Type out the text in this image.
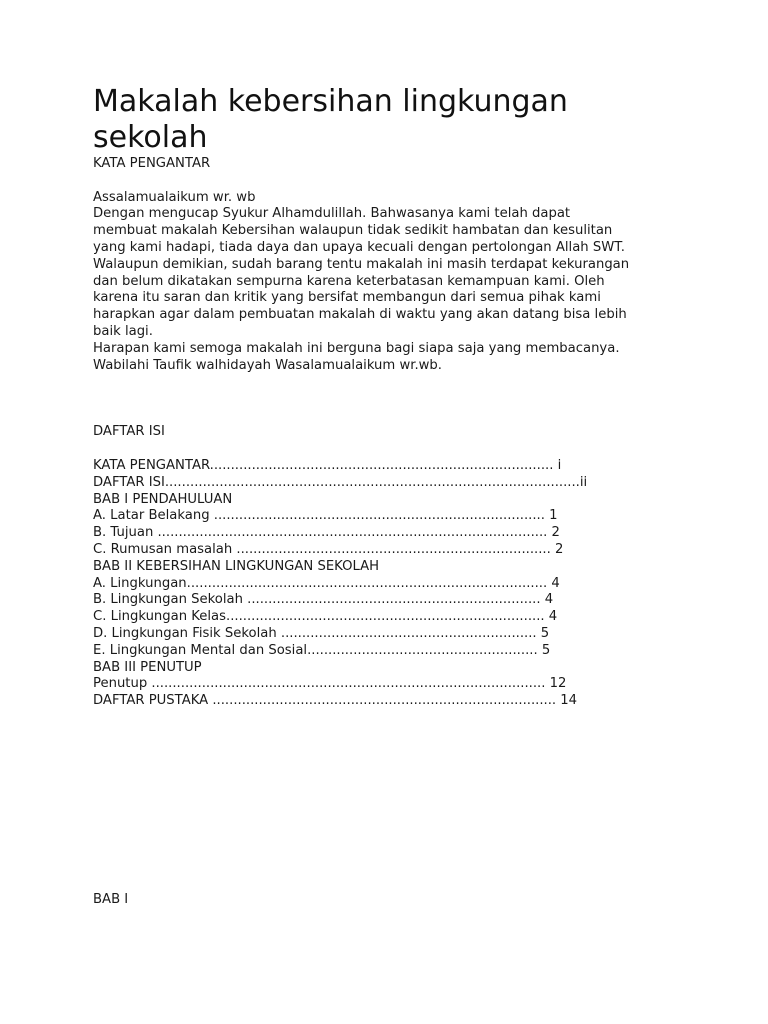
Makalah kebersihan lingkungan
sekolah

KATA PENGANTAR

Assalamualaikum wr. wb

Dengan mengucap Syukur Alhamdulillah. Bahwasanya kami telah dapat

membuat makalah Kebersihan walaupun tidak sedikit hambatan dan kesulitan

yang kami hadapi, tiada daya dan upaya kecuali dengan pertolongan Allah SWT.

Walaupun demikian, sudah barang tentu makalah ini masih terdapat kekurangan

dan belum dikatakan sempurna karena keterbatasan kemampuan kami. Oleh

karena itu saran dan kritik yang bersifat membangun dari semua pihak kami

harapkan agar dalam pembuatan makalah di waktu yang akan datang bisa lebih

baik lagi.

Harapan kami semoga makalah ini berguna bagi siapa saja yang membacanya.

Wabilahi Taufik walhidayah Wasalamualaikum wr.wb.

DAFTAR ISI

KATA PENGANTAR.................................................................................. i

DAFTAR ISI...................................................................................................ii

BAB I PENDAHULUAN

A. Latar Belakang ............................................................................... 1

B. Tujuan ............................................................................................. 2

C. Rumusan masalah ........................................................................... 2

BAB II KEBERSIHAN LINGKUNGAN SEKOLAH

A. Lingkungan...................................................................................... 4

B. Lingkungan Sekolah ...................................................................... 4

C. Lingkungan Kelas............................................................................ 4

D. Lingkungan Fisik Sekolah ............................................................. 5

E. Lingkungan Mental dan Sosial....................................................... 5

BAB III PENUTUP

Penutup .............................................................................................. 12

DAFTAR PUSTAKA .................................................................................. 14

BAB I
